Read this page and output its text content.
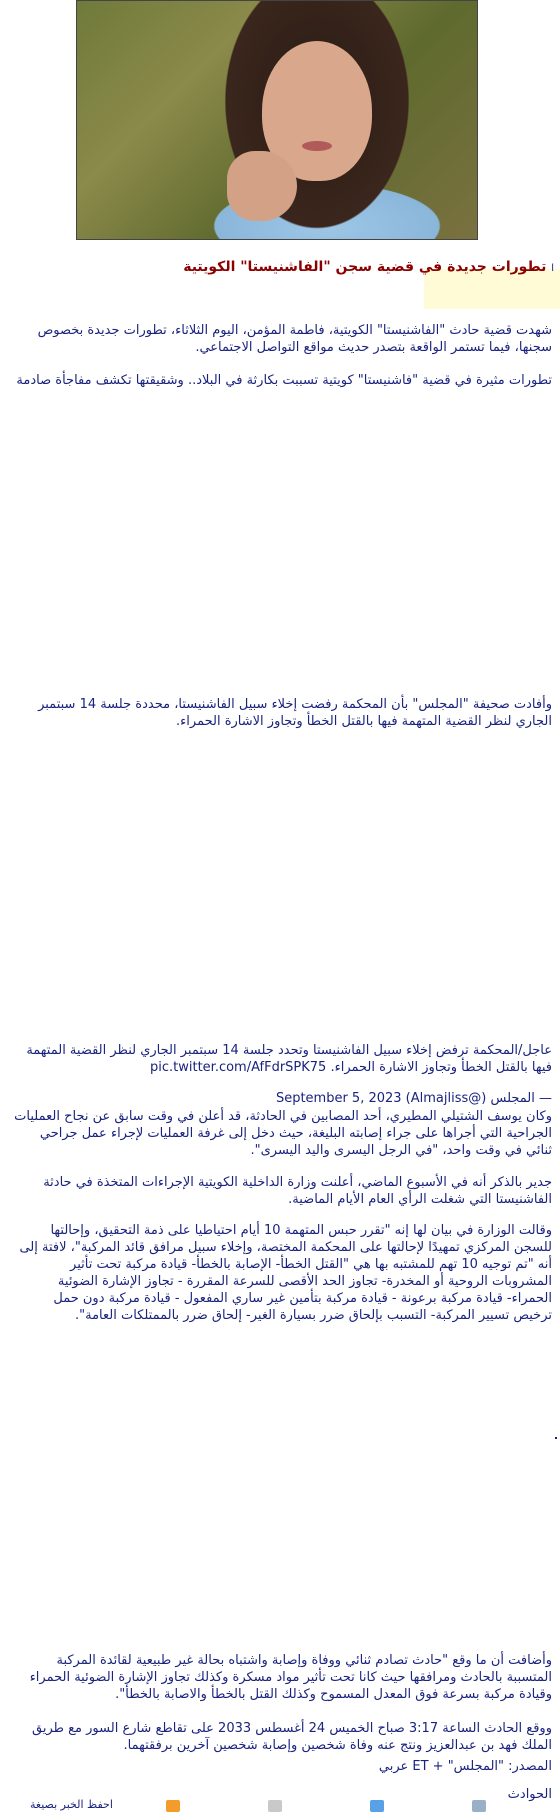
ا تطورات جديدة في قضية سجن "الفاشنيستا" الكويتية

شهدت قضية حادث "الفاشنيستا" الكويتية، فاطمة المؤمن، اليوم الثلاثاء، تطورات جديدة بخصوص سجنها، فيما تستمر الواقعة بتصدر حديث مواقع التواصل الاجتماعي.

تطورات مثيرة في قضية "فاشنيستا" كويتية تسببت بكارثة في البلاد.. وشقيقتها تكشف مفاجأة صادمة

وأفادت صحيفة "المجلس" بأن المحكمة رفضت إخلاء سبيل الفاشنيستا، محددة جلسة 14 سبتمبر الجاري لنظر القضية المتهمة فيها بالقتل الخطأ وتجاوز الاشارة الحمراء.

عاجل/المحكمة ترفض إخلاء سبيل الفاشنيستا وتحدد جلسة 14 سبتمبر الجاري لنظر القضية المتهمة فيها بالقتل الخطأ وتجاوز الاشارة الحمراء. pic.twitter.com/AfFdrSPK75

— المجلس (@Almajliss) September 5, 2023

وكان يوسف الشتيلي المطيري، أحد المصابين في الحادثة، قد أعلن في وقت سابق عن نجاح العمليات الجراحية التي أجراها على جراء إصابته البليغة، حيث دخل إلى غرفة العمليات لإجراء عمل جراحي ثنائي في وقت واحد، "في الرجل اليسرى واليد اليسرى".

جدير بالذكر أنه في الأسبوع الماضي، أعلنت وزارة الداخلية الكويتية الإجراءات المتخذة في حادثة الفاشنيستا التي شغلت الرأي العام الأيام الماضية.

وقالت الوزارة في بيان لها إنه "تقرر حبس المتهمة 10 أيام احتياطيا على ذمة التحقيق، وإحالتها للسجن المركزي تمهيدًا لإحالتها على المحكمة المختصة، وإخلاء سبيل مرافق قائد المركبة"، لافتة إلى أنه "تم توجيه 10 تهم للمشتبه بها هي "القتل الخطأ- الإصابة بالخطأ- قيادة مركبة تحت تأثير المشروبات الروحية أو المخدرة- تجاوز الحد الأقصى للسرعة المقررة - تجاوز الإشارة الضوئية الحمراء- قيادة مركبة برعونة - قيادة مركبة بتأمين غير ساري المفعول - قيادة مركبة دون حمل ترخيص تسيير المركبة- التسبب بإلحاق ضرر بسيارة الغير- إلحاق ضرر بالممتلكات العامة".

وأضافت أن ما وقع "حادث تصادم ثنائي ووفاة وإصابة واشتباه بحالة غير طبيعية لقائدة المركبة المتسببة بالحادث ومرافقها حيث كانا تحت تأثير مواد مسكرة وكذلك تجاوز الإشارة الضوئية الحمراء وقيادة مركبة بسرعة فوق المعدل المسموح وكذلك القتل بالخطأ والاصابة بالخطأ".

ووقع الحادث الساعة 3:17 صباح الخميس 24 أغسطس 2033 على تقاطع شارع السور مع طريق الملك فهد بن عبدالعزيز ونتج عنه وفاة شخصين وإصابة شخصين آخرين برفقتهما.

المصدر: "المجلس" + ET عربي

الحوادث

احفظ الخبر بصيغة
